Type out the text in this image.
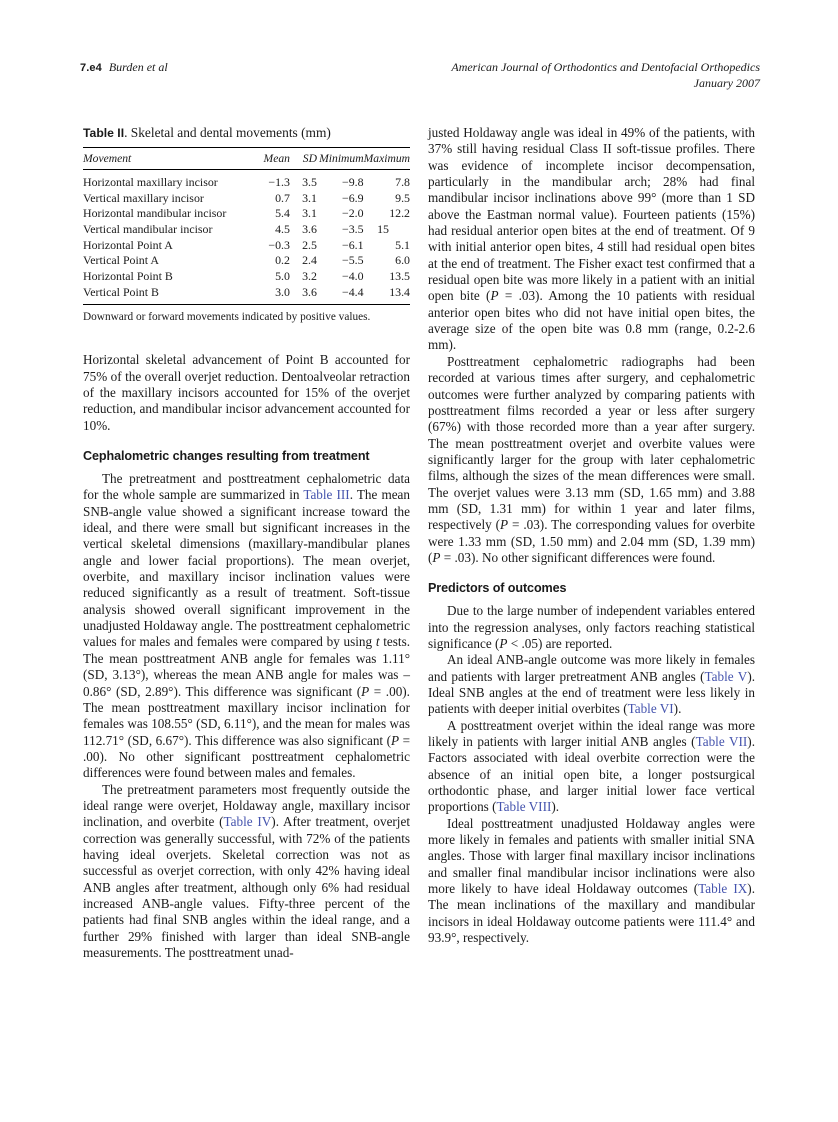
7.e4 Burden et al	American Journal of Orthodontics and Dentofacial Orthopedics
January 2007
Table II. Skeletal and dental movements (mm)
Movement	Mean	SD	Minimum	Maximum
Horizontal maxillary incisor	−1.3	3.5	−9.8	7.8
Vertical maxillary incisor	0.7	3.1	−6.9	9.5
Horizontal mandibular incisor	5.4	3.1	−2.0	12.2
Vertical mandibular incisor	4.5	3.6	−3.5	15
Horizontal Point A	−0.3	2.5	−6.1	5.1
Vertical Point A	0.2	2.4	−5.5	6.0
Horizontal Point B	5.0	3.2	−4.0	13.5
Vertical Point B	3.0	3.6	−4.4	13.4
Downward or forward movements indicated by positive values.

Horizontal skeletal advancement of Point B accounted for 75% of the overall overjet reduction. Dentoalveolar retraction of the maxillary incisors accounted for 15% of the overjet reduction, and mandibular incisor advancement accounted for 10%.

Cephalometric changes resulting from treatment

The pretreatment and posttreatment cephalometric data for the whole sample are summarized in Table III. The mean SNB-angle value showed a significant increase toward the ideal, and there were small but significant increases in the vertical skeletal dimensions (maxillary-mandibular planes angle and lower facial proportions). The mean overjet, overbite, and maxillary incisor inclination values were reduced significantly as a result of treatment. Soft-tissue analysis showed overall significant improvement in the unadjusted Holdaway angle. The posttreatment cephalometric values for males and females were compared by using t tests. The mean posttreatment ANB angle for females was 1.11° (SD, 3.13°), whereas the mean ANB angle for males was –0.86° (SD, 2.89°). This difference was significant (P = .00). The mean posttreatment maxillary incisor inclination for females was 108.55° (SD, 6.11°), and the mean for males was 112.71° (SD, 6.67°). This difference was also significant (P = .00). No other significant posttreatment cephalometric differences were found between males and females.

The pretreatment parameters most frequently outside the ideal range were overjet, Holdaway angle, maxillary incisor inclination, and overbite (Table IV). After treatment, overjet correction was generally successful, with 72% of the patients having ideal overjets. Skeletal correction was not as successful as overjet correction, with only 42% having ideal ANB angles after treatment, although only 6% had residual increased ANB-angle values. Fifty-three percent of the patients had final SNB angles within the ideal range, and a further 29% finished with larger than ideal SNB-angle measurements. The posttreatment unad-

justed Holdaway angle was ideal in 49% of the patients, with 37% still having residual Class II soft-tissue profiles. There was evidence of incomplete incisor decompensation, particularly in the mandibular arch; 28% had final mandibular incisor inclinations above 99° (more than 1 SD above the Eastman normal value). Fourteen patients (15%) had residual anterior open bites at the end of treatment. Of 9 with initial anterior open bites, 4 still had residual open bites at the end of treatment. The Fisher exact test confirmed that a residual open bite was more likely in a patient with an initial open bite (P = .03). Among the 10 patients with residual anterior open bites who did not have initial open bites, the average size of the open bite was 0.8 mm (range, 0.2-2.6 mm).

Posttreatment cephalometric radiographs had been recorded at various times after surgery, and cephalometric outcomes were further analyzed by comparing patients with posttreatment films recorded a year or less after surgery (67%) with those recorded more than a year after surgery. The mean posttreatment overjet and overbite values were significantly larger for the group with later cephalometric films, although the sizes of the mean differences were small. The overjet values were 3.13 mm (SD, 1.65 mm) and 3.88 mm (SD, 1.31 mm) for within 1 year and later films, respectively (P = .03). The corresponding values for overbite were 1.33 mm (SD, 1.50 mm) and 2.04 mm (SD, 1.39 mm) (P = .03). No other significant differences were found.

Predictors of outcomes

Due to the large number of independent variables entered into the regression analyses, only factors reaching statistical significance (P < .05) are reported.

An ideal ANB-angle outcome was more likely in females and patients with larger pretreatment ANB angles (Table V). Ideal SNB angles at the end of treatment were less likely in patients with deeper initial overbites (Table VI).

A posttreatment overjet within the ideal range was more likely in patients with larger initial ANB angles (Table VII). Factors associated with ideal overbite correction were the absence of an initial open bite, a longer postsurgical orthodontic phase, and larger initial lower face vertical proportions (Table VIII).

Ideal posttreatment unadjusted Holdaway angles were more likely in females and patients with smaller initial SNA angles. Those with larger final maxillary incisor inclinations and smaller final mandibular incisor inclinations were also more likely to have ideal Holdaway outcomes (Table IX). The mean inclinations of the maxillary and mandibular incisors in ideal Holdaway outcome patients were 111.4° and 93.9°, respectively.
